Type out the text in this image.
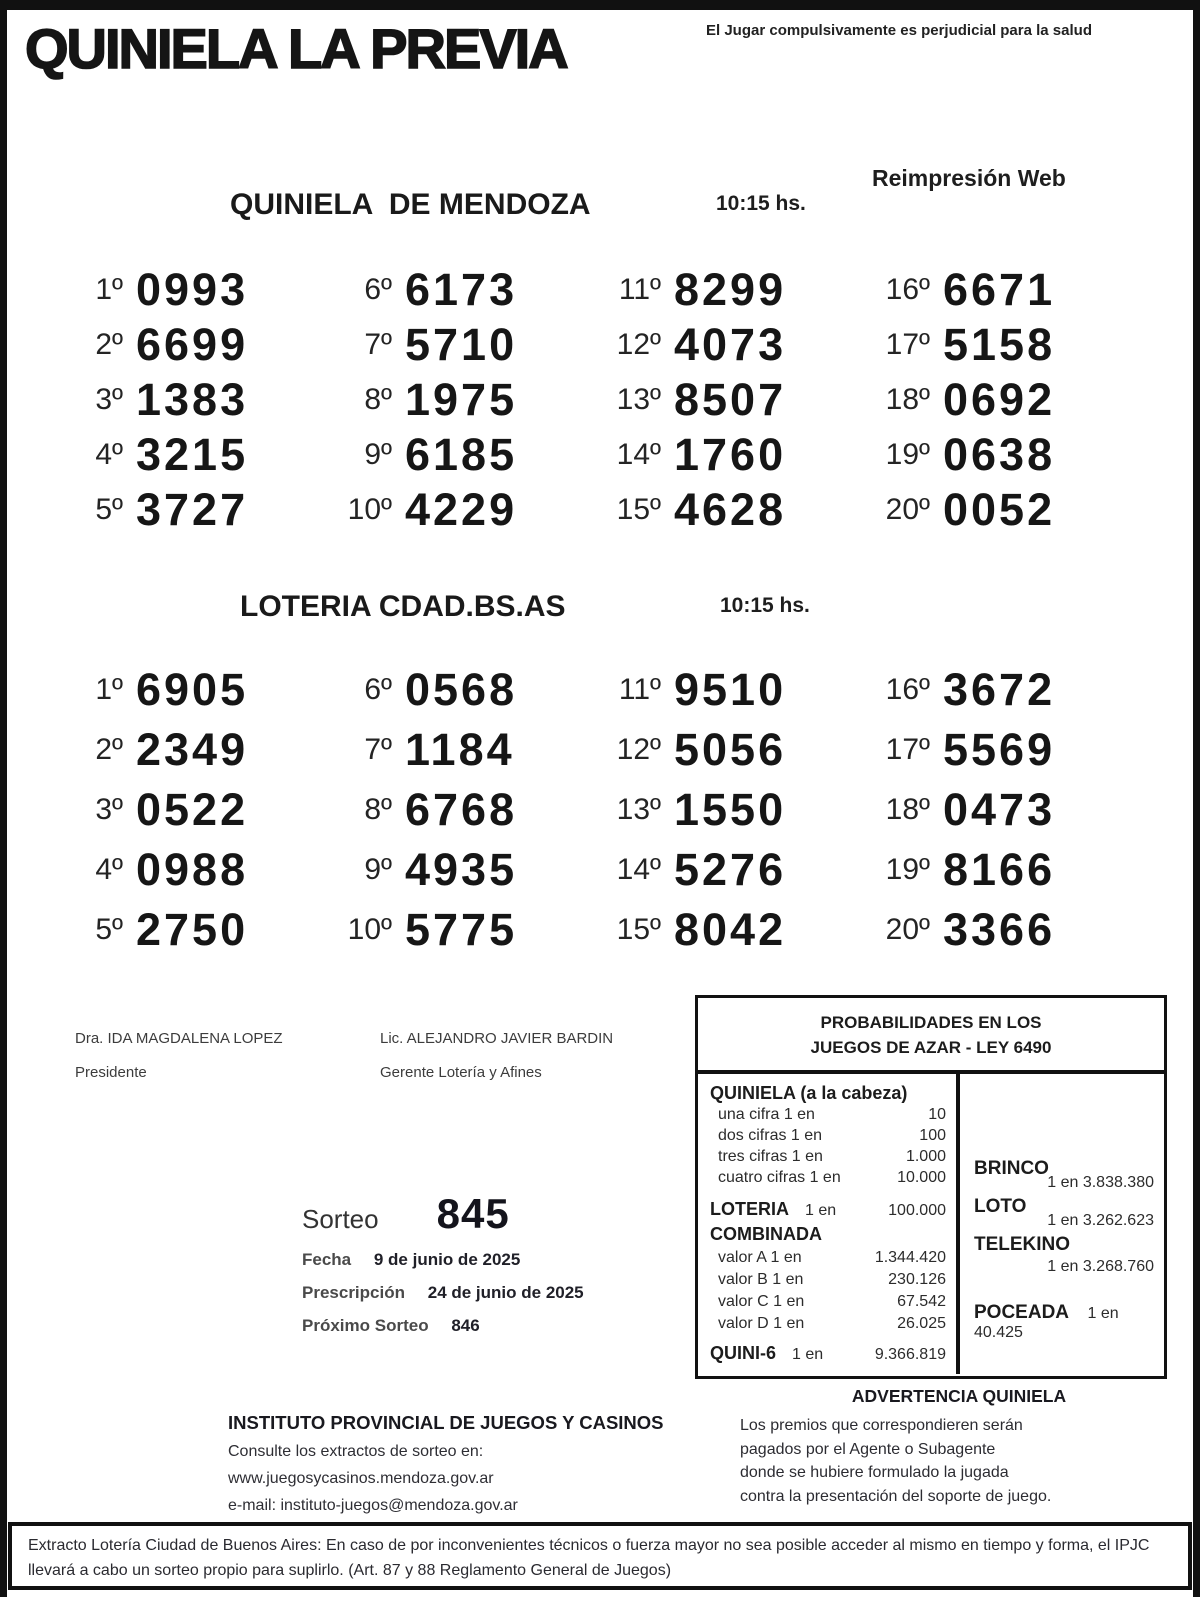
QUINIELA LA PREVIA	El Jugar compulsivamente es perjudicial para la salud
Reimpresión Web
QUINIELA  DE MENDOZA	10:15 hs.
1º 0993
2º 6699
3º 1383
4º 3215
5º 3727
6º 6173
7º 5710
8º 1975
9º 6185
10º 4229
11º 8299
12º 4073
13º 8507
14º 1760
15º 4628
16º 6671
17º 5158
18º 0692
19º 0638
20º 0052
LOTERIA CDAD.BS.AS	10:15 hs.
1º 6905
2º 2349
3º 0522
4º 0988
5º 2750
6º 0568
7º 1184
8º 6768
9º 4935
10º 5775
11º 9510
12º 5056
13º 1550
14º 5276
15º 8042
16º 3672
17º 5569
18º 0473
19º 8166
20º 3366
Dra. IDA MAGDALENA LOPEZ
Presidente
Lic. ALEJANDRO JAVIER BARDIN
Gerente Lotería y Afines
PROBABILIDADES EN LOS
JUEGOS DE AZAR - LEY 6490
QUINIELA (a la cabeza)
una cifra 1 en	10
dos cifras 1 en	100
tres cifras 1 en	1.000
cuatro cifras 1 en	10.000
LOTERIA 1 en	100.000
COMBINADA
valor A 1 en	1.344.420
valor B 1 en	230.126
valor C 1 en	67.542
valor D 1 en	26.025
QUINI-6 1 en	9.366.819
BRINCO
1 en 3.838.380
LOTO
1 en 3.262.623
TELEKINO
1 en 3.268.760
POCEADA 1 en 40.425
Sorteo 845
Fecha 9 de junio de 2025
Prescripción 24 de junio de 2025
Próximo Sorteo 846
INSTITUTO PROVINCIAL DE JUEGOS Y CASINOS
Consulte los extractos de sorteo en:
www.juegosycasinos.mendoza.gov.ar
e-mail: instituto-juegos@mendoza.gov.ar
ADVERTENCIA QUINIELA
Los premios que correspondieren serán
pagados por el Agente o Subagente
donde se hubiere formulado la jugada
contra la presentación del soporte de juego.
Extracto Lotería Ciudad de Buenos Aires: En caso de por inconvenientes técnicos o fuerza mayor no sea posible acceder al mismo en tiempo y forma, el IPJC llevará a cabo un sorteo propio para suplirlo. (Art. 87 y 88 Reglamento General de Juegos)
